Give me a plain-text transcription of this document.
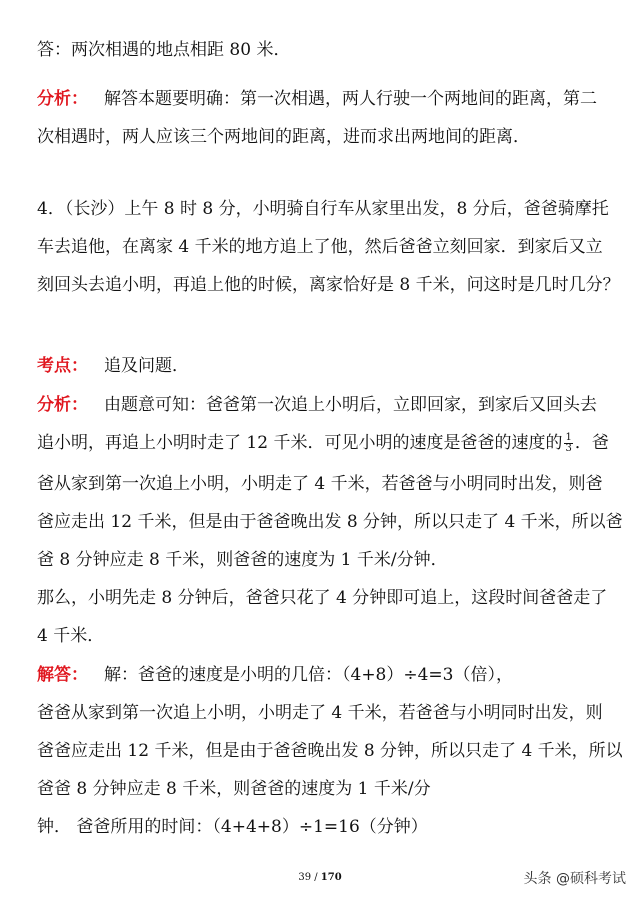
答：两次相遇的地点相距 80 米．
分析： 解答本题要明确：第一次相遇，两人行驶一个两地间的距离，第二
次相遇时，两人应该三个两地间的距离，进而求出两地间的距离．
4．（长沙）上午 8 时 8 分，小明骑自行车从家里出发，8 分后，爸爸骑摩托
车去追他，在离家 4 千米的地方追上了他，然后爸爸立刻回家．到家后又立
刻回头去追小明，再追上他的时候，离家恰好是 8 千米，问这时是几时几分？
考点： 追及问题．
分析： 由题意可知：爸爸第一次追上小明后，立即回家，到家后又回头去
追小明，再追上小明时走了 12 千米．可见小明的速度是爸爸的速度的 $\frac{1}{3}$ ．爸
爸从家到第一次追上小明，小明走了 4 千米，若爸爸与小明同时出发，则爸
爸应走出 12 千米，但是由于爸爸晚出发 8 分钟，所以只走了 4 千米，所以爸
爸 8 分钟应走 8 千米，则爸爸的速度为 1 千米/分钟．
那么，小明先走 8 分钟后，爸爸只花了 4 分钟即可追上，这段时间爸爸走了
4 千米．
解答： 解：爸爸的速度是小明的几倍：（4+8）÷4=3（倍），
爸爸从家到第一次追上小明，小明走了 4 千米，若爸爸与小明同时出发，则
爸爸应走出 12 千米，但是由于爸爸晚出发 8 分钟，所以只走了 4 千米，所以
爸爸 8 分钟应走 8 千米，则爸爸的速度为 1 千米/分
钟． 爸爸所用的时间：（4+4+8）÷1=16（分钟）
39 / 170	头条 @硕科考试
